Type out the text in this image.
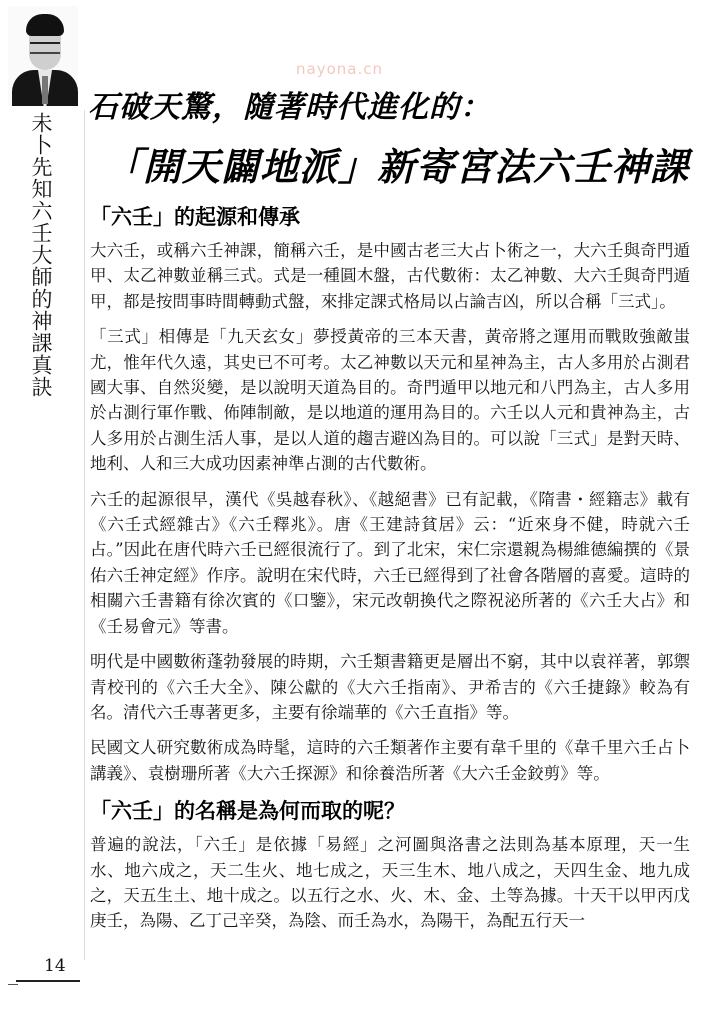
未卜先知六壬大師的神課真訣
nayona.cn
石破天驚，隨著時代進化的：
「開天闢地派」新寄宮法六壬神課
「六壬」的起源和傳承

大六壬，或稱六壬神課，簡稱六壬，是中國古老三大占卜術之一，大六壬與奇門遁甲、太乙神數並稱三式。式是一種圓木盤，古代數術：太乙神數、大六壬與奇門遁甲，都是按問事時間轉動式盤，來排定課式格局以占論吉凶，所以合稱「三式」。

「三式」相傳是「九天玄女」夢授黃帝的三本天書，黃帝將之運用而戰敗強敵蚩尤，惟年代久遠，其史已不可考。太乙神數以天元和星神為主，古人多用於占測君國大事、自然災變，是以說明天道為目的。奇門遁甲以地元和八門為主，古人多用於占測行軍作戰、佈陣制敵，是以地道的運用為目的。六壬以人元和貴神為主，古人多用於占測生活人事，是以人道的趨吉避凶為目的。可以說「三式」是對天時、地利、人和三大成功因素神準占測的古代數術。

六壬的起源很早，漢代《吳越春秋》、《越絕書》已有記載，《隋書・經籍志》載有《六壬式經雜古》《六壬釋兆》。唐《王建詩貧居》云：“近來身不健，時就六壬占。”因此在唐代時六壬已經很流行了。到了北宋，宋仁宗還親為楊維德編撰的《景佑六壬神定經》作序。說明在宋代時，六壬已經得到了社會各階層的喜愛。這時的相關六壬書籍有徐次賓的《口鑒》，宋元改朝換代之際祝泌所著的《六壬大占》和《壬易會元》等書。

明代是中國數術蓬勃發展的時期，六壬類書籍更是層出不窮，其中以袁祥著，郭禦青校刊的《六壬大全》、陳公獻的《大六壬指南》、尹希吉的《六壬捷錄》較為有名。清代六壬專著更多，主要有徐端華的《六壬直指》等。

民國文人研究數術成為時髦，這時的六壬類著作主要有韋千里的《韋千里六壬占卜講義》、袁樹珊所著《大六壬探源》和徐養浩所著《大六壬金鉸剪》等。

「六壬」的名稱是為何而取的呢？

普遍的說法，「六壬」是依據「易經」之河圖與洛書之法則為基本原理，天一生水、地六成之，天二生火、地七成之，天三生木、地八成之，天四生金、地九成之，天五生土、地十成之。以五行之水、火、木、金、土等為據。十天干以甲丙戊庚壬，為陽、乙丁己辛癸，為陰、而壬為水，為陽干，為配五行天一

14
